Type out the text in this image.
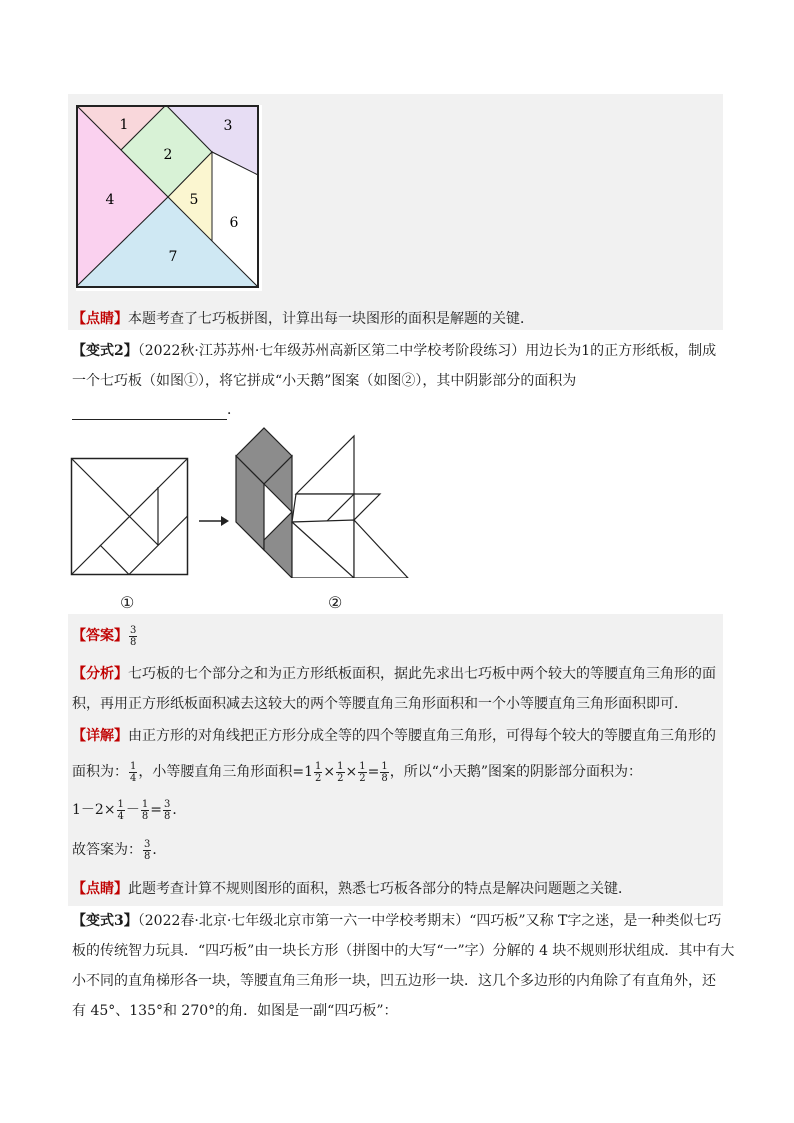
1
2
3
4	5
6
7
【点睛】本题考查了七巧板拼图，计算出每一块图形的面积是解题的关键．
【变式2】（2022秋·江苏苏州·七年级苏州高新区第二中学校考阶段练习）用边长为1的正方形纸板，制成
一个七巧板（如图①），将它拼成“小天鹅”图案（如图②），其中阴影部分的面积为
．
①	②
【答案】 $\frac{3}{8}$
【分析】七巧板的七个部分之和为正方形纸板面积，据此先求出七巧板中两个较大的等腰直角三角形的面
积，再用正方形纸板面积减去这较大的两个等腰直角三角形面积和一个小等腰直角三角形面积即可．
【详解】由正方形的对角线把正方形分成全等的四个等腰直角三角形，可得每个较大的等腰直角三角形的
面积为： $\frac{1}{4}$ ，小等腰直角三角形面积$=1 \frac{1}{2} \times \frac{1}{2} \times \frac{1}{2} = \frac{1}{8}$ ，所以“小天鹅”图案的阴影部分面积为：
$1-2\times \frac{1}{4} - \frac{1}{8} = \frac{3}{8}$ ．
故答案为： $\frac{3}{8}$ ．
【点睛】此题考查计算不规则图形的面积，熟悉七巧板各部分的特点是解决问题题之关键．
【变式3】（2022春·北京·七年级北京市第一六一中学校考期末）“四巧板”又称 T字之迷，是一种类似七巧
板的传统智力玩具．“四巧板”由一块长方形（拼图中的大写“一”字）分解的 4 块不规则形状组成．其中有大
小不同的直角梯形各一块，等腰直角三角形一块，凹五边形一块．这几个多边形的内角除了有直角外，还
有 45°、135°和 270°的角．如图是一副“四巧板”：
